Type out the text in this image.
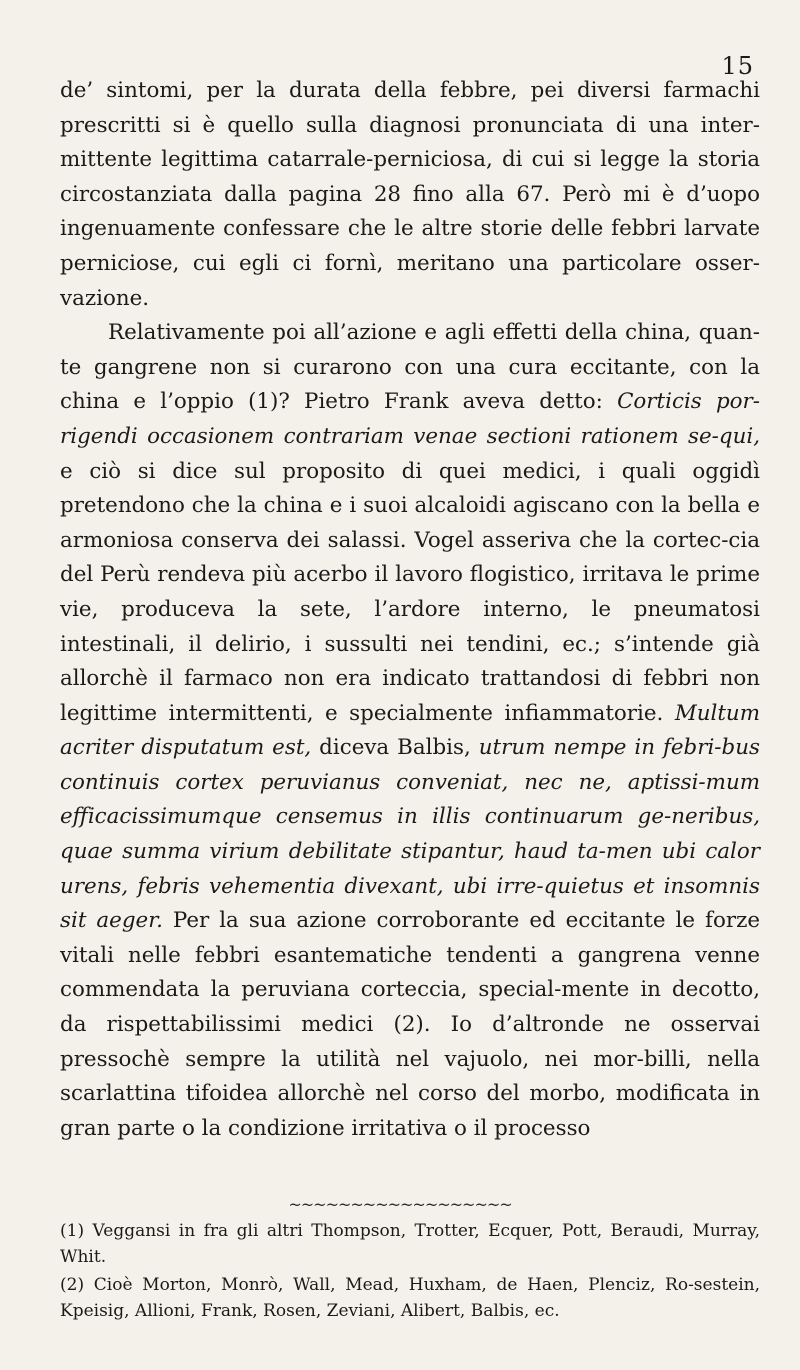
15

de’ sintomi, per la durata della febbre, pei diversi farmachi prescritti si è quello sulla diagnosi pronunciata di una inter-mittente legittima catarrale-perniciosa, di cui si legge la storia circostanziata dalla pagina 28 fino alla 67. Però mi è d’uopo ingenuamente confessare che le altre storie delle febbri larvate perniciose, cui egli ci fornì, meritano una particolare osser-vazione.

Relativamente poi all’azione e agli effetti della china, quan-te gangrene non si curarono con una cura eccitante, con la china e l’oppio (1)? Pietro Frank aveva detto: Corticis por-rigendi occasionem contrariam venae sectioni rationem se-qui, e ciò si dice sul proposito di quei medici, i quali oggidì pretendono che la china e i suoi alcaloidi agiscano con la bella e armoniosa conserva dei salassi. Vogel asseriva che la cortec-cia del Perù rendeva più acerbo il lavoro flogistico, irritava le prime vie, produceva la sete, l’ardore interno, le pneumatosi intestinali, il delirio, i sussulti nei tendini, ec.; s’intende già allorchè il farmaco non era indicato trattandosi di febbri non legittime intermittenti, e specialmente infiammatorie. Multum acriter disputatum est, diceva Balbis, utrum nempe in febri-bus continuis cortex peruvianus conveniat, nec ne, aptissi-mum efficacissimumque censemus in illis continuarum ge-neribus, quae summa virium debilitate stipantur, haud ta-men ubi calor urens, febris vehementia divexant, ubi irre-quietus et insomnis sit aeger. Per la sua azione corroborante ed eccitante le forze vitali nelle febbri esantematiche tendenti a gangrena venne commendata la peruviana corteccia, special-mente in decotto, da rispettabilissimi medici (2). Io d’altronde ne osservai pressochè sempre la utilità nel vajuolo, nei mor-billi, nella scarlattina tifoidea allorchè nel corso del morbo, modificata in gran parte o la condizione irritativa o il processo

~~~~~~~~~~~~~~~~~~

(1) Veggansi in fra gli altri Thompson, Trotter, Ecquer, Pott, Beraudi, Murray, Whit.

(2) Cioè Morton, Monrò, Wall, Mead, Huxham, de Haen, Plenciz, Ro-sestein, Kpeisig, Allioni, Frank, Rosen, Zeviani, Alibert, Balbis, ec.
